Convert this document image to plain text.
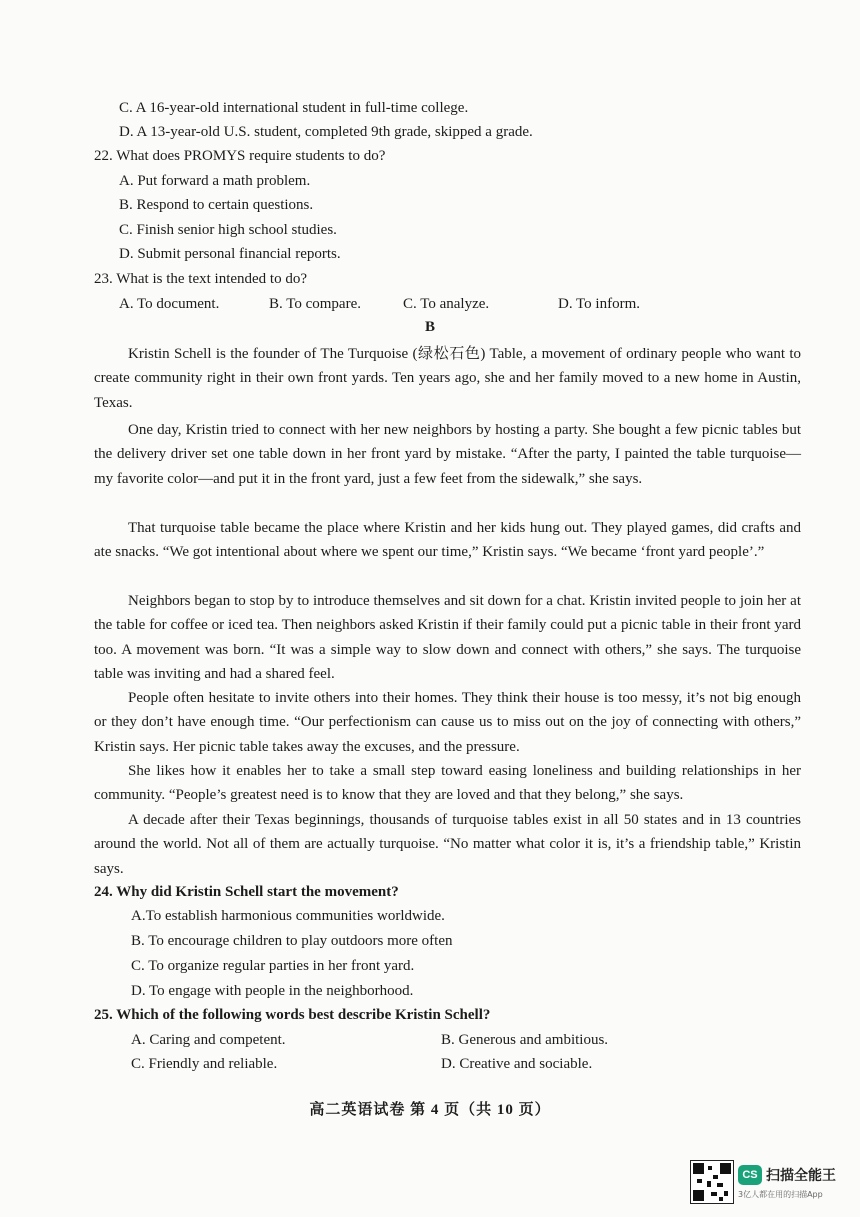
C. A 16-year-old international student in full-time college.
D. A 13-year-old U.S. student, completed 9th grade, skipped a grade.
22. What does PROMYS require students to do?
A. Put forward a math problem.
B. Respond to certain questions.
C. Finish senior high school studies.
D. Submit personal financial reports.
23. What is the text intended to do?
A. To document.	B. To compare.	C. To analyze.	D. To inform.
B
Kristin Schell is the founder of The Turquoise (绿松石色) Table, a movement of ordinary people who want to create community right in their own front yards. Ten years ago, she and her family moved to a new home in Austin, Texas.
One day, Kristin tried to connect with her new neighbors by hosting a party. She bought a few picnic tables but the delivery driver set one table down in her front yard by mistake. “After the party, I painted the table turquoise—my favorite color—and put it in the front yard, just a few feet from the sidewalk,” she says.
That turquoise table became the place where Kristin and her kids hung out. They played games, did crafts and ate snacks. “We got intentional about where we spent our time,” Kristin says. “We became ‘front yard people’.”
Neighbors began to stop by to introduce themselves and sit down for a chat. Kristin invited people to join her at the table for coffee or iced tea. Then neighbors asked Kristin if their family could put a picnic table in their front yard too. A movement was born. “It was a simple way to slow down and connect with others,” she says. The turquoise table was inviting and had a shared feel.
People often hesitate to invite others into their homes. They think their house is too messy, it’s not big enough or they don’t have enough time. “Our perfectionism can cause us to miss out on the joy of connecting with others,” Kristin says. Her picnic table takes away the excuses, and the pressure.
She likes how it enables her to take a small step toward easing loneliness and building relationships in her community. “People’s greatest need is to know that they are loved and that they belong,” she says.
A decade after their Texas beginnings, thousands of turquoise tables exist in all 50 states and in 13 countries around the world. Not all of them are actually turquoise. “No matter what color it is, it’s a friendship table,” Kristin says.
24. Why did Kristin Schell start the movement?
A.To establish harmonious communities worldwide.
B. To encourage children to play outdoors more often
C. To organize regular parties in her front yard.
D. To engage with people in the neighborhood.
25. Which of the following words best describe Kristin Schell?
A. Caring and competent.	B. Generous and ambitious.
C. Friendly and reliable.	D. Creative and sociable.
高二英语试卷 第 4 页（共 10 页）
CS 扫描全能王
3亿人都在用的扫描App
